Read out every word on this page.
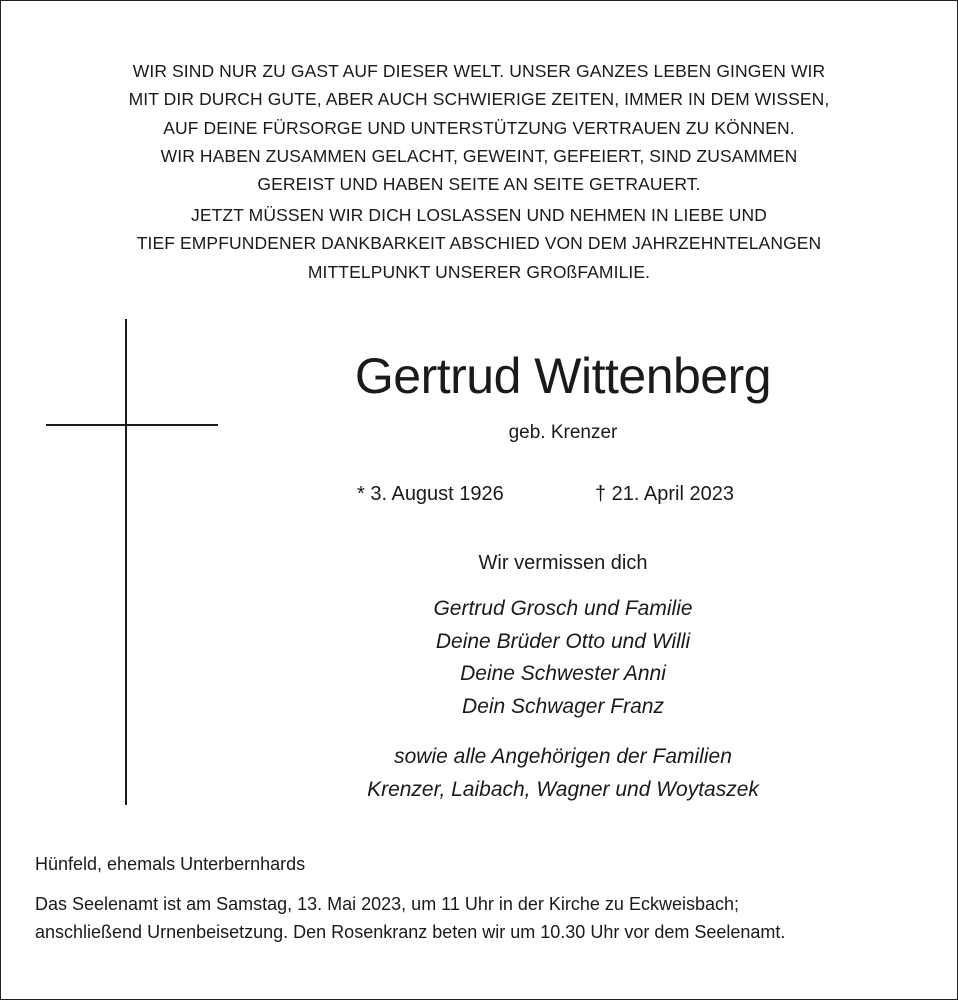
WIR SIND NUR ZU GAST AUF DIESER WELT. UNSER GANZES LEBEN GINGEN WIR
MIT DIR DURCH GUTE, ABER AUCH SCHWIERIGE ZEITEN, IMMER IN DEM WISSEN,
AUF DEINE FÜRSORGE UND UNTERSTÜTZUNG VERTRAUEN ZU KÖNNEN.
WIR HABEN ZUSAMMEN GELACHT, GEWEINT, GEFEIERT, SIND ZUSAMMEN
GEREIST UND HABEN SEITE AN SEITE GETRAUERT.
JETZT MÜSSEN WIR DICH LOSLASSEN UND NEHMEN IN LIEBE UND
TIEF EMPFUNDENER DANKBARKEIT ABSCHIED VON DEM JAHRZEHNTELANGEN
MITTELPUNKT UNSERER GROßFAMILIE.
Gertrud Wittenberg
geb. Krenzer
* 3. August 1926	† 21. April 2023
Wir vermissen dich
Gertrud Grosch und Familie
Deine Brüder Otto und Willi
Deine Schwester Anni
Dein Schwager Franz
sowie alle Angehörigen der Familien
Krenzer, Laibach, Wagner und Woytaszek
Hünfeld, ehemals Unterbernhards
Das Seelenamt ist am Samstag, 13. Mai 2023, um 11 Uhr in der Kirche zu Eckweisbach;
anschließend Urnenbeisetzung. Den Rosenkranz beten wir um 10.30 Uhr vor dem Seelenamt.
